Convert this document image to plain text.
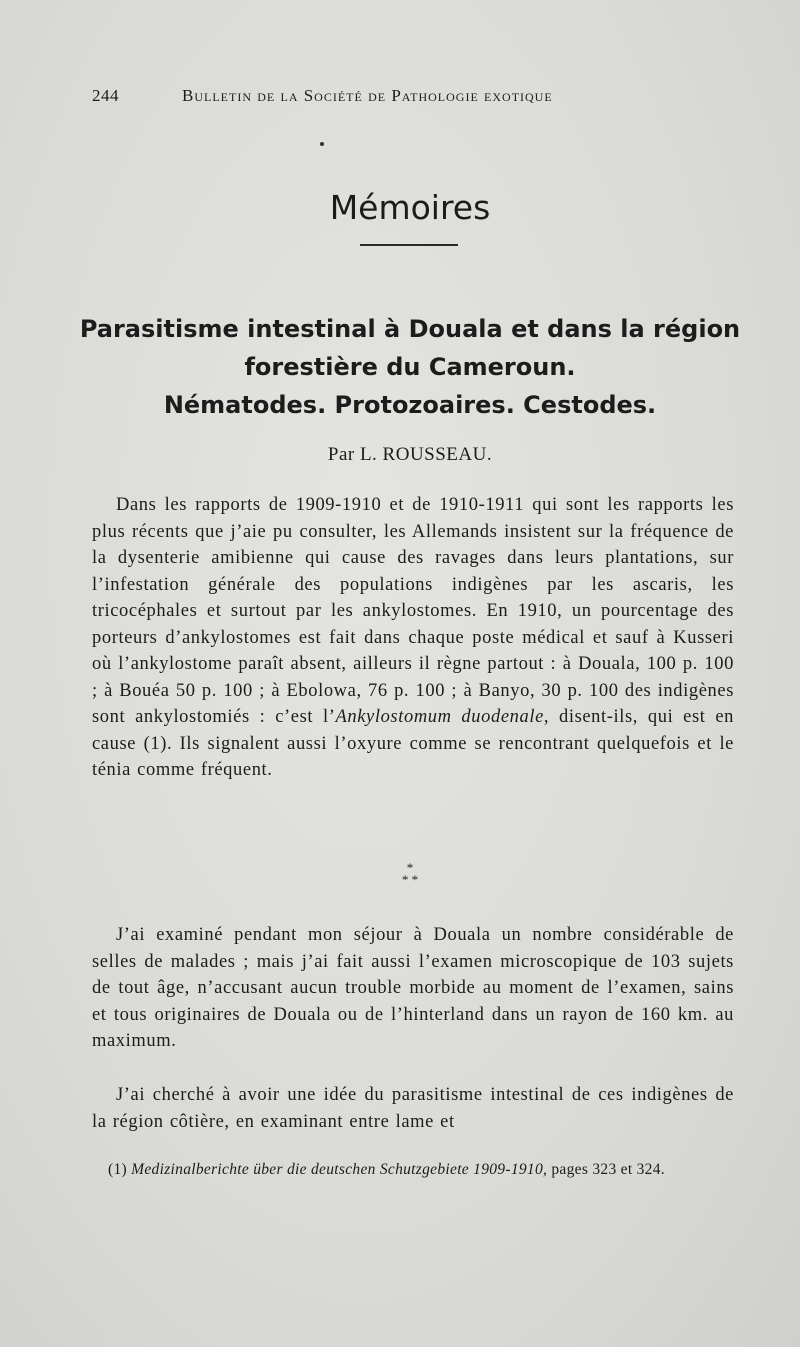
244	Bulletin de la Société de Pathologie exotique
Mémoires
Parasitisme intestinal à Douala et dans la région
forestière du Cameroun.
Nématodes. Protozoaires. Cestodes.
Par L. ROUSSEAU.

Dans les rapports de 1909-1910 et de 1910-1911 qui sont les rapports les plus récents que j’aie pu consulter, les Allemands insistent sur la fréquence de la dysenterie amibienne qui cause des ravages dans leurs plantations, sur l’infestation générale des populations indigènes par les ascaris, les tricocéphales et surtout par les ankylostomes. En 1910, un pourcentage des porteurs d’ankylostomes est fait dans chaque poste médical et sauf à Kusseri où l’ankylostome paraît absent, ailleurs il règne partout : à Douala, 100 p. 100 ; à Bouéa 50 p. 100 ; à Ebolowa, 76 p. 100 ; à Banyo, 30 p. 100 des indigènes sont ankylostomiés : c’est l’Ankylostomum duodenale, disent-ils, qui est en cause (1). Ils signalent aussi l’oxyure comme se rencontrant quelquefois et le ténia comme fréquent.

*
* *

J’ai examiné pendant mon séjour à Douala un nombre considérable de selles de malades ; mais j’ai fait aussi l’examen microscopique de 103 sujets de tout âge, n’accusant aucun trouble morbide au moment de l’examen, sains et tous originaires de Douala ou de l’hinterland dans un rayon de 160 km. au maximum.

J’ai cherché à avoir une idée du parasitisme intestinal de ces indigènes de la région côtière, en examinant entre lame et

(1) Medizinalberichte über die deutschen Schutzgebiete 1909-1910, pages 323 et 324.
